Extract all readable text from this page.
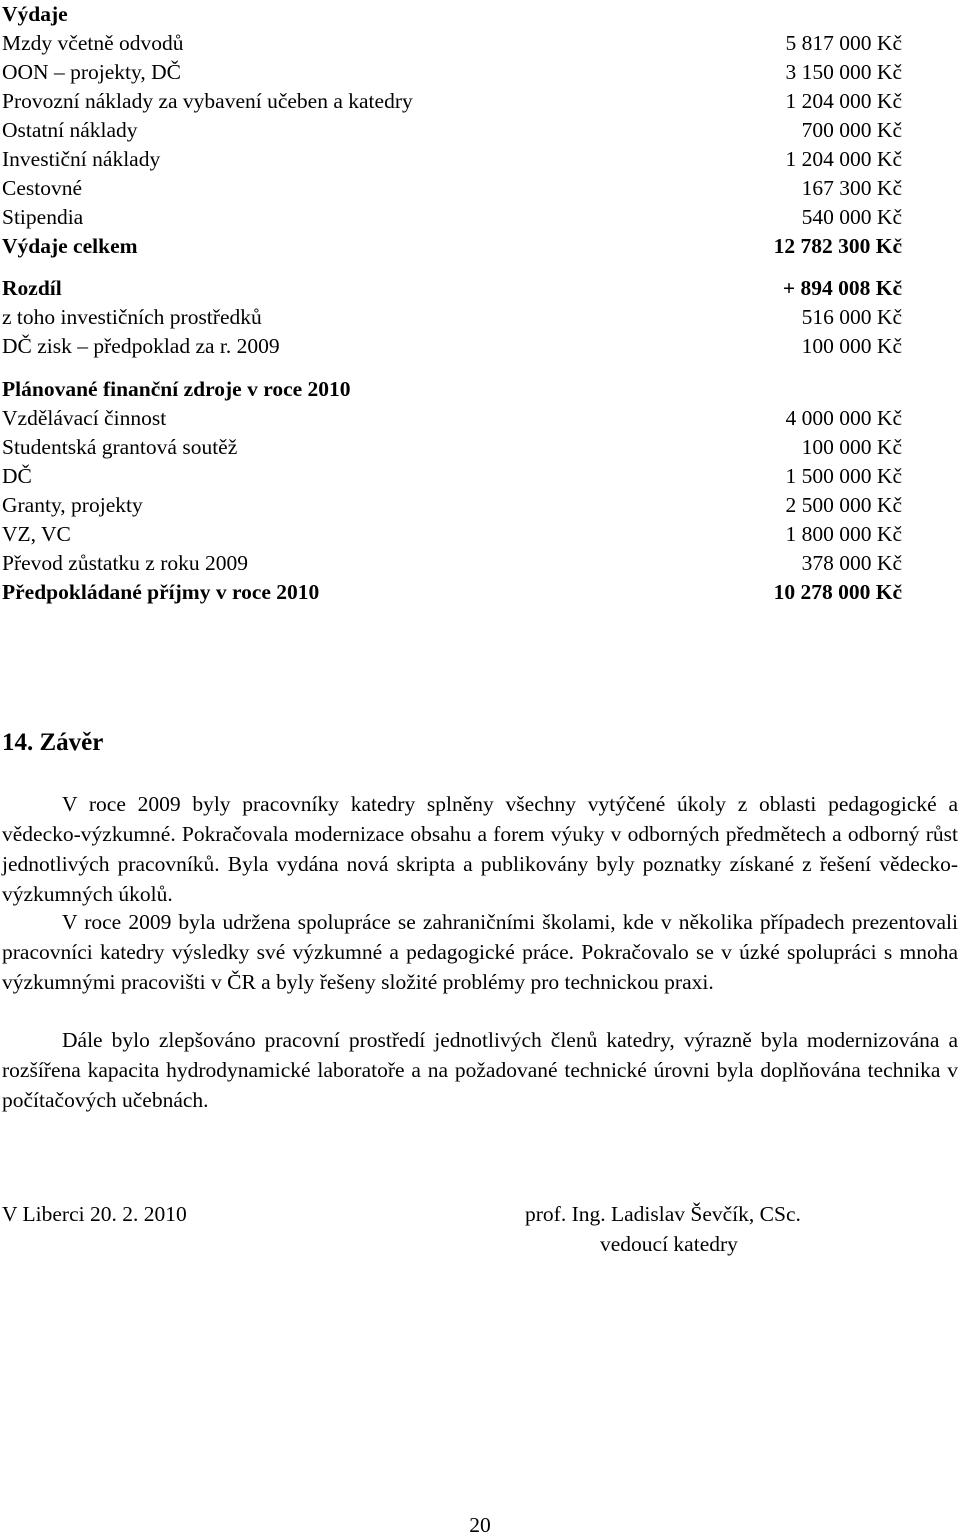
Výdaje
Mzdy včetně odvodů	5 817 000 Kč
OON – projekty, DČ	3 150 000 Kč
Provozní náklady za vybavení učeben a katedry	1 204 000 Kč
Ostatní náklady	700 000 Kč
Investiční náklady	1 204 000 Kč
Cestovné	167 300 Kč
Stipendia	540 000 Kč
Výdaje celkem	12 782 300 Kč
Rozdíl	+ 894 008 Kč
z toho investičních prostředků	516 000 Kč
DČ zisk – předpoklad za r. 2009	100 000 Kč
Plánované finanční zdroje v roce 2010
Vzdělávací činnost	4 000 000 Kč
Studentská grantová soutěž	100 000 Kč
DČ	1 500 000 Kč
Granty, projekty	2 500 000 Kč
VZ, VC	1 800 000 Kč
Převod zůstatku z roku 2009	378 000 Kč
Předpokládané příjmy v roce 2010	10 278 000 Kč
14. Závěr

V roce 2009 byly pracovníky katedry splněny všechny vytýčené úkoly z oblasti pedagogické a vědecko-výzkumné. Pokračovala modernizace obsahu a forem výuky v odborných předmětech a odborný růst jednotlivých pracovníků. Byla vydána nová skripta a publikovány byly poznatky získané z řešení vědecko-výzkumných úkolů.

V roce 2009 byla udržena spolupráce se zahraničními školami, kde v několika případech prezentovali pracovníci katedry výsledky své výzkumné a pedagogické práce. Pokračovalo se v úzké spolupráci s mnoha výzkumnými pracovišti v ČR a byly řešeny složité problémy pro technickou praxi.

Dále bylo zlepšováno pracovní prostředí jednotlivých členů katedry, výrazně byla modernizována a rozšířena kapacita hydrodynamické laboratoře a na požadované technické úrovni byla doplňována technika v počítačových učebnách.

V Liberci 20. 2. 2010	prof. Ing. Ladislav Ševčík, CSc.
vedoucí katedry
20
